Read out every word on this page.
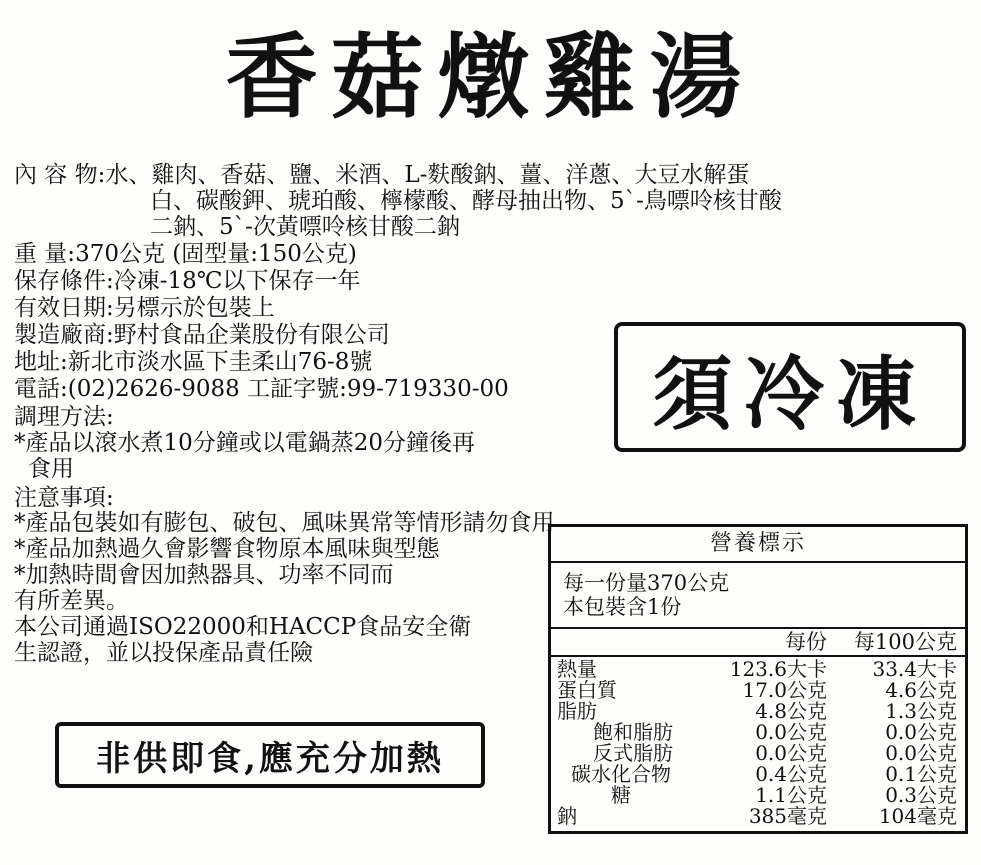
香菇燉雞湯
內 容 物:水、雞肉、香菇、鹽、米酒、L-麩酸鈉、薑、洋蔥、大豆水解蛋
白、碳酸鉀、琥珀酸、檸檬酸、酵母抽出物、5`-鳥嘌呤核甘酸
二鈉、5`-次黃嘌呤核甘酸二鈉
重 量:370公克 (固型量:150公克)
保存條件:冷凍-18℃以下保存一年
有效日期:另標示於包裝上
製造廠商:野村食品企業股份有限公司
地址:新北市淡水區下圭柔山76-8號
電話:(02)2626-9088 工証字號:99-719330-00
調理方法:
*產品以滾水煮10分鐘或以電鍋蒸20分鐘後再
食用
注意事項:
*產品包裝如有膨包、破包、風味異常等情形請勿食用
*產品加熱過久會影響食物原本風味與型態
*加熱時間會因加熱器具、功率不同而
有所差異。
本公司通過ISO22000和HACCP食品安全衛
生認證，並以投保產品責任險
須冷凍
非供即食,應充分加熱
營養標示
每一份量370公克
本包裝含1份
每份	每100公克
熱量	123.6大卡	33.4大卡
蛋白質	17.0公克	4.6公克
脂肪	4.8公克	1.3公克
飽和脂肪	0.0公克	0.0公克
反式脂肪	0.0公克	0.0公克
碳水化合物	0.4公克	0.1公克
糖	1.1公克	0.3公克
鈉	385毫克	104毫克
